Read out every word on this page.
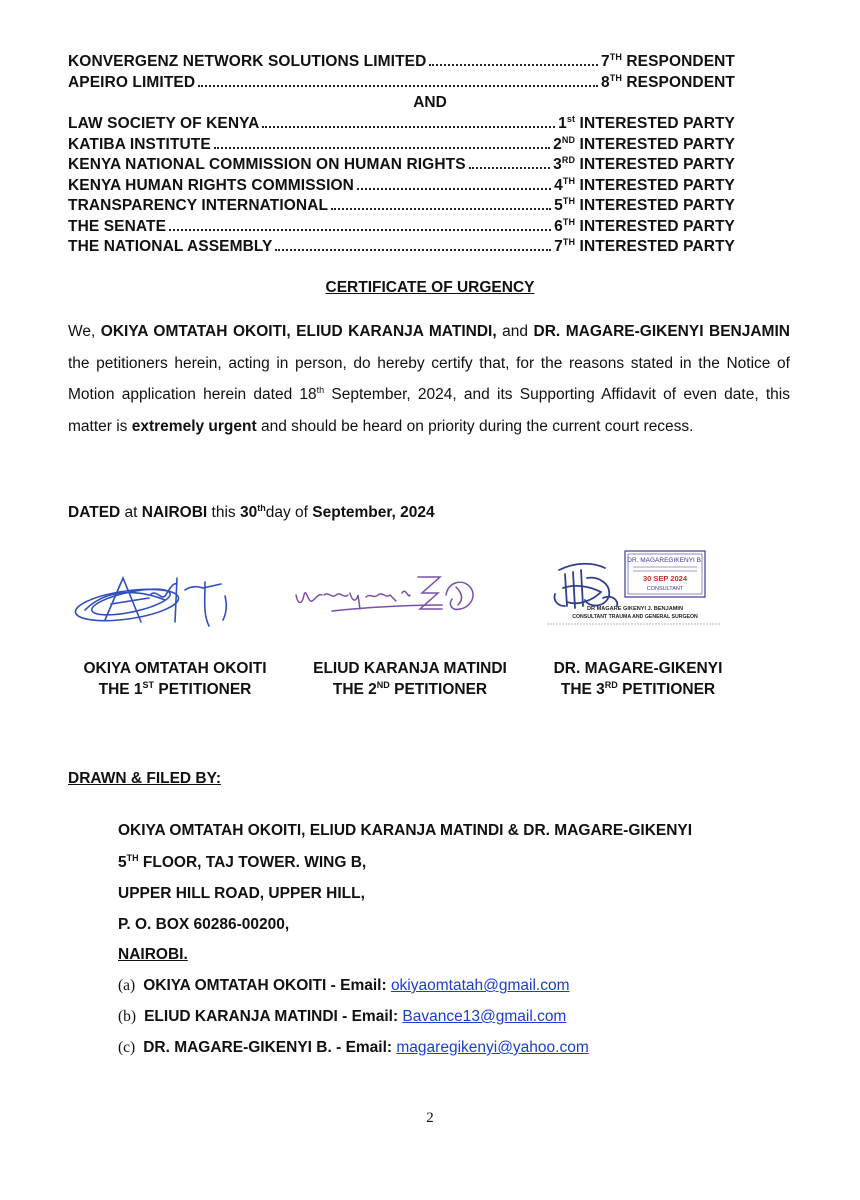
KONVERGENZ NETWORK SOLUTIONS LIMITED	7TH RESPONDENT
APEIRO LIMITED	8TH RESPONDENT
AND
LAW SOCIETY OF KENYA	1st INTERESTED PARTY
KATIBA INSTITUTE	2ND INTERESTED PARTY
KENYA NATIONAL COMMISSION ON HUMAN RIGHTS	3RD INTERESTED PARTY
KENYA HUMAN RIGHTS COMMISSION	4TH INTERESTED PARTY
TRANSPARENCY INTERNATIONAL	5TH INTERESTED PARTY
THE SENATE	6TH INTERESTED PARTY
THE NATIONAL ASSEMBLY	7TH INTERESTED PARTY
CERTIFICATE OF URGENCY
We, OKIYA OMTATAH OKOITI, ELIUD KARANJA MATINDI, and DR. MAGARE-GIKENYI BENJAMIN the petitioners herein, acting in person, do hereby certify that, for the reasons stated in the Notice of Motion application herein dated 18th September, 2024, and its Supporting Affidavit of even date, this matter is extremely urgent and should be heard on priority during the current court recess.
DATED at NAIROBI this 30thday of September, 2024
DR. MAGAREGIKENYI B.
30 SEP 2024
CONSULTANT
DR MAGARE GIKENYI J. BENJAMIN
CONSULTANT TRAUMA AND GENERAL SURGEON
OKIYA OMTATAH OKOITI
THE 1ST PETITIONER
ELIUD KARANJA MATINDI
THE 2ND PETITIONER
DR. MAGARE-GIKENYI
THE 3RD PETITIONER
DRAWN & FILED BY:
OKIYA OMTATAH OKOITI, ELIUD KARANJA MATINDI & DR. MAGARE-GIKENYI
5TH FLOOR, TAJ TOWER. WING B,
UPPER HILL ROAD, UPPER HILL,
P. O. BOX 60286-00200,
NAIROBI.
(a) OKIYA OMTATAH OKOITI - Email: okiyaomtatah@gmail.com
(b) ELIUD KARANJA MATINDI - Email: Bavance13@gmail.com
(c) DR. MAGARE-GIKENYI B. - Email: magaregikenyi@yahoo.com
2
